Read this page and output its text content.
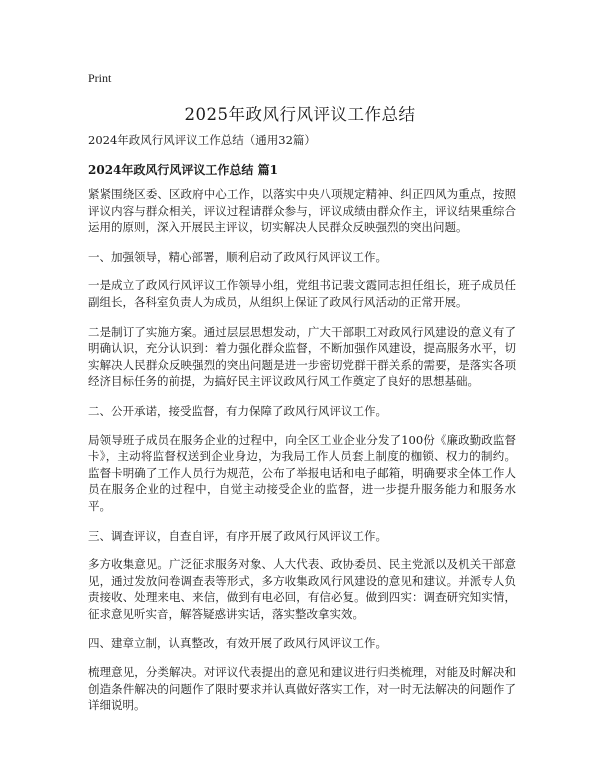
Print
2025年政风行风评议工作总结

2024年政风行风评议工作总结（通用32篇）

2024年政风行风评议工作总结 篇1

紧紧围绕区委、区政府中心工作，以落实中央八项规定精神、纠正四风为重点，按照评议内容与群众相关，评议过程请群众参与，评议成绩由群众作主，评议结果重综合运用的原则，深入开展民主评议，切实解决人民群众反映强烈的突出问题。

一、加强领导，精心部署，顺利启动了政风行风评议工作。

一是成立了政风行风评议工作领导小组，党组书记裴文霞同志担任组长，班子成员任副组长，各科室负责人为成员，从组织上保证了政风行风活动的正常开展。

二是制订了实施方案。通过层层思想发动，广大干部职工对政风行风建设的意义有了明确认识，充分认识到：着力强化群众监督，不断加强作风建设，提高服务水平，切实解决人民群众反映强烈的突出问题是进一步密切党群干群关系的需要，是落实各项经济目标任务的前提，为搞好民主评议政风行风工作奠定了良好的思想基础。

二、公开承诺，接受监督，有力保障了政风行风评议工作。

局领导班子成员在服务企业的过程中，向全区工业企业分发了100份《廉政勤政监督卡》，主动将监督权送到企业身边，为我局工作人员套上制度的枷锁、权力的制约。监督卡明确了工作人员行为规范，公布了举报电话和电子邮箱，明确要求全体工作人员在服务企业的过程中，自觉主动接受企业的监督，进一步提升服务能力和服务水平。

三、调查评议，自查自评，有序开展了政风行风评议工作。

多方收集意见。广泛征求服务对象、人大代表、政协委员、民主党派以及机关干部意见，通过发放问卷调查表等形式，多方收集政风行风建设的意见和建议。并派专人负责接收、处理来电、来信，做到有电必回，有信必复。做到四实：调查研究知实情，征求意见听实音，解答疑惑讲实话，落实整改拿实效。

四、建章立制，认真整改，有效开展了政风行风评议工作。

梳理意见，分类解决。对评议代表提出的意见和建议进行归类梳理，对能及时解决和创造条件解决的问题作了限时要求并认真做好落实工作，对一时无法解决的问题作了详细说明。
